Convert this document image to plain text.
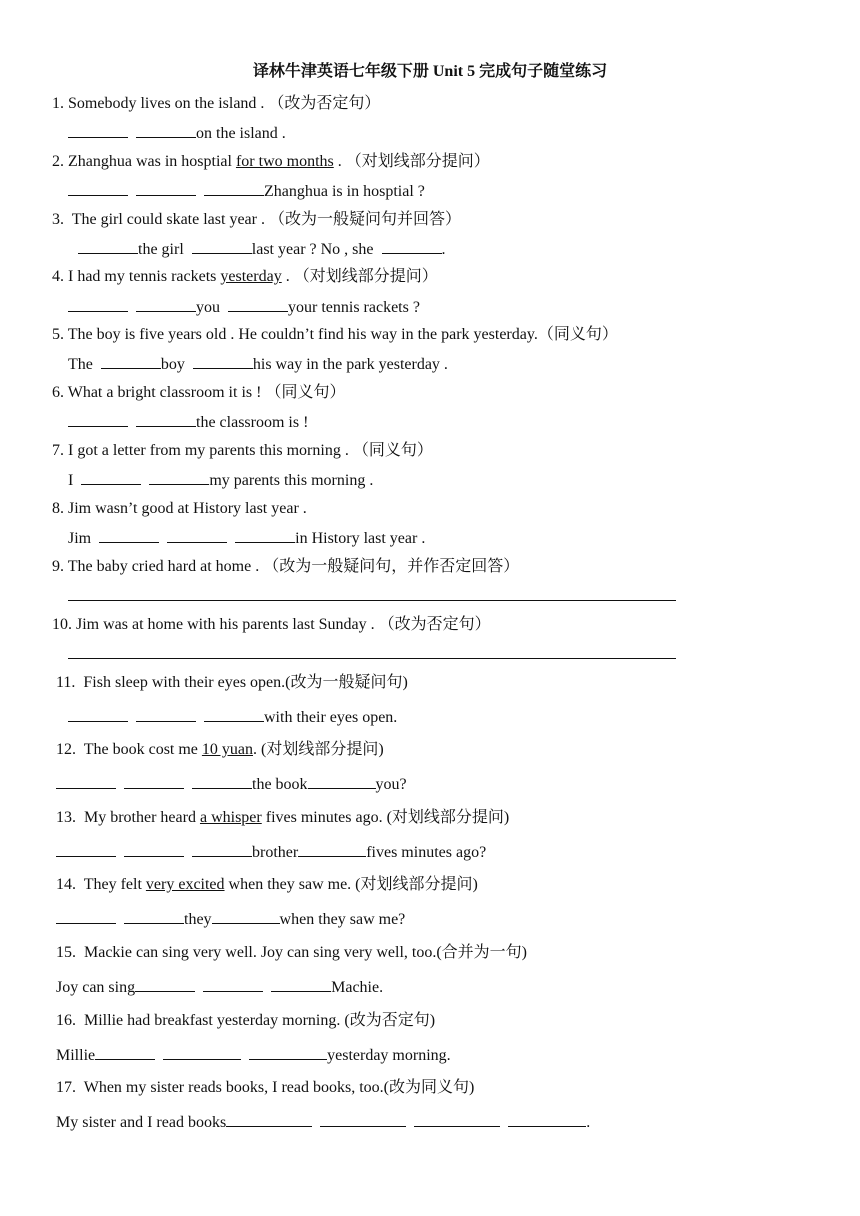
译林牛津英语七年级下册 Unit 5 完成句子随堂练习
1. Somebody lives on the island . （改为否定句）
on the island .
2. Zhanghua was in hosptial for two months . （对划线部分提问）
Zhanghua is in hosptial ?
3.  The girl could skate last year . （改为一般疑问句并回答）
the girl	last year ? No , she	.
4. I had my tennis rackets yesterday . （对划线部分提问）
you	your tennis rackets ?
5. The boy is five years old . He couldn’t find his way in the park yesterday.（同义句）
The	boy	his way in the park yesterday .
6. What a bright classroom it is ! （同义句）
the classroom is !
7. I got a letter from my parents this morning . （同义句）
I	my parents this morning .
8. Jim wasn’t good at History last year .
Jim	in History last year .
9. The baby cried hard at home . （改为一般疑问句，并作否定回答）
10. Jim was at home with his parents last Sunday . （改为否定句）
11.  Fish sleep with their eyes open.(改为一般疑问句)
with their eyes open.
12.  The book cost me 10 yuan. (对划线部分提问)
the book	you?
13.  My brother heard a whisper fives minutes ago. (对划线部分提问)
brother	fives minutes ago?
14.  They felt very excited when they saw me. (对划线部分提问)
they	when they saw me?
15.  Mackie can sing very well. Joy can sing very well, too.(合并为一句)
Joy can sing	Machie.
16.  Millie had breakfast yesterday morning. (改为否定句)
Millie	yesterday morning.
17.  When my sister reads books, I read books, too.(改为同义句)
My sister and I read books	.
